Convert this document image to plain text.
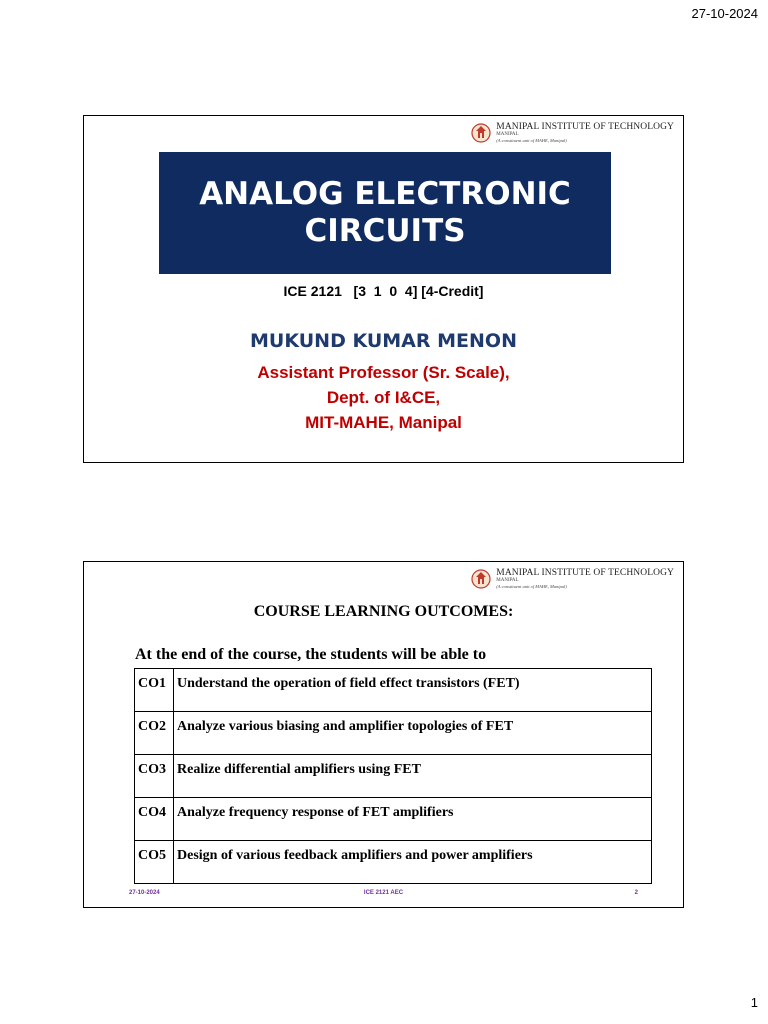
27-10-2024
MANIPAL INSTITUTE OF TECHNOLOGY
MANIPAL
(A constituent unit of MAHE, Manipal)
ANALOG ELECTRONIC CIRCUITS
ICE 2121   [3  1  0  4] [4-Credit]
MUKUND KUMAR MENON
Assistant Professor (Sr. Scale),
Dept. of I&CE,
MIT-MAHE, Manipal
MANIPAL INSTITUTE OF TECHNOLOGY
MANIPAL
(A constituent unit of MAHE, Manipal)
COURSE LEARNING OUTCOMES:
At the end of the course, the students will be able to
CO1	Understand the operation of field effect transistors (FET)
CO2	Analyze various biasing and amplifier topologies of FET
CO3	Realize differential amplifiers using FET
CO4	Analyze frequency response of FET amplifiers
CO5	Design of various feedback amplifiers and power amplifiers
27-10-2024	ICE 2121 AEC	2
1
